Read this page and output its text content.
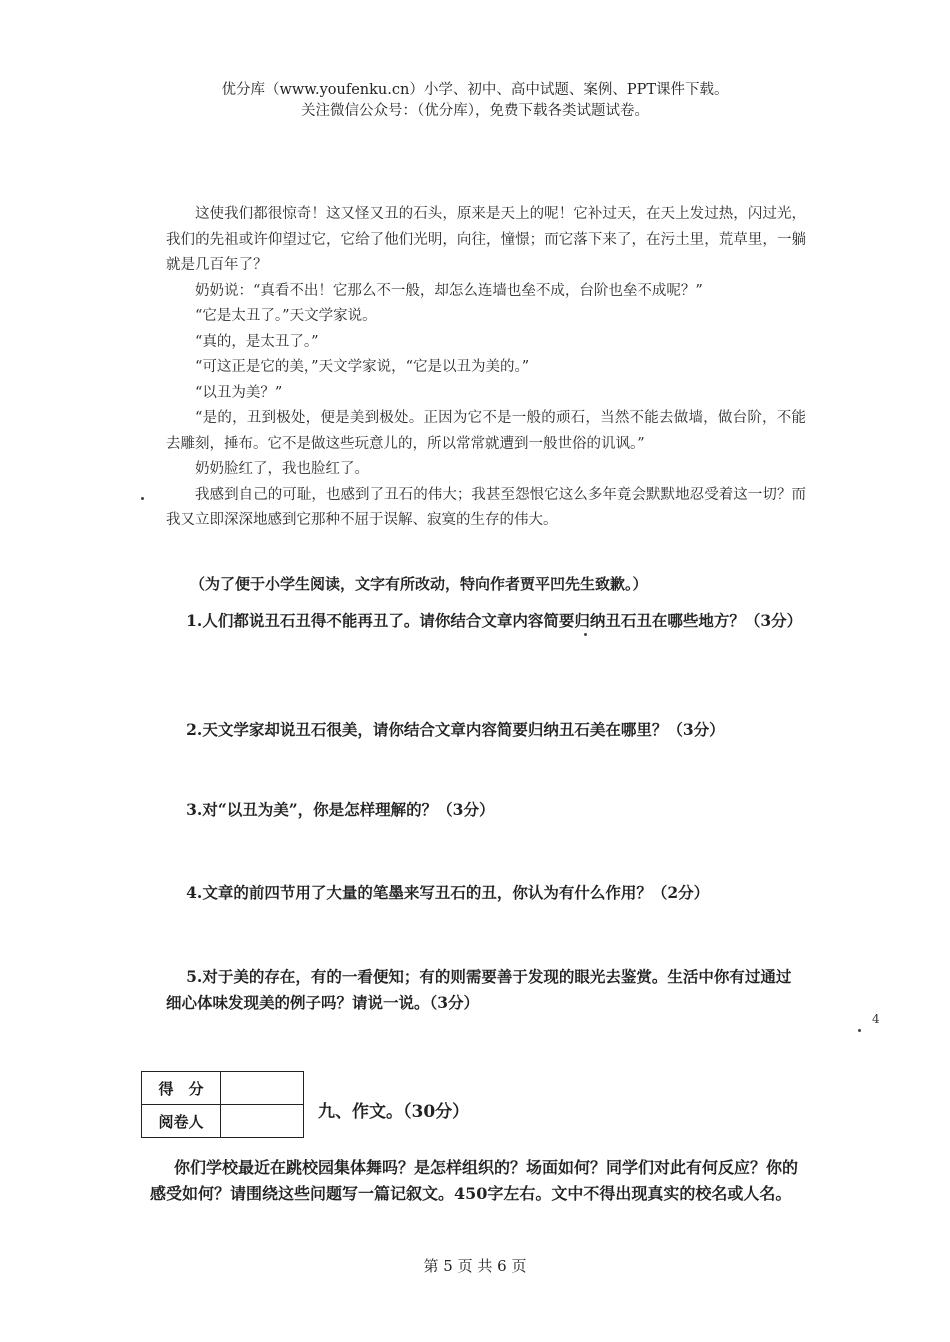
优分库（www.youfenku.cn）小学、初中、高中试题、案例、PPT课件下载。
关注微信公众号：（优分库），免费下载各类试题试卷。

这使我们都很惊奇！这又怪又丑的石头，原来是天上的呢！它补过天，在天上发过热，闪过光，我们的先祖或许仰望过它，它给了他们光明，向往，憧憬；而它落下来了，在污土里，荒草里，一躺就是几百年了？

奶奶说：“真看不出！它那么不一般，却怎么连墙也垒不成，台阶也垒不成呢？”

“它是太丑了。”天文学家说。

“真的，是太丑了。”

“可这正是它的美，”天文学家说，“它是以丑为美的。”

“以丑为美？”

“是的，丑到极处，便是美到极处。正因为它不是一般的顽石，当然不能去做墙，做台阶，不能去雕刻，捶布。它不是做这些玩意儿的，所以常常就遭到一般世俗的讥讽。”

奶奶脸红了，我也脸红了。

我感到自己的可耻，也感到了丑石的伟大；我甚至怨恨它这么多年竟会默默地忍受着这一切？而我又立即深深地感到它那种不屈于误解、寂寞的生存的伟大。

（为了便于小学生阅读，文字有所改动，特向作者贾平凹先生致歉。）

1.人们都说丑石丑得不能再丑了。请你结合文章内容简要归纳丑石丑在哪些地方？（3分）

2.天文学家却说丑石很美，请你结合文章内容简要归纳丑石美在哪里？（3分）

3.对“以丑为美”，你是怎样理解的？（3分）

4.文章的前四节用了大量的笔墨来写丑石的丑，你认为有什么作用？（2分）

5.对于美的存在，有的一看便知；有的则需要善于发现的眼光去鉴赏。生活中你有过通过细心体味发现美的例子吗？请说一说。（3分）

4
得　分	
阅卷人		九、作文。（30分）

你们学校最近在跳校园集体舞吗？是怎样组织的？场面如何？同学们对此有何反应？你的感受如何？请围绕这些问题写一篇记叙文。450字左右。文中不得出现真实的校名或人名。

第 5 页 共 6 页
